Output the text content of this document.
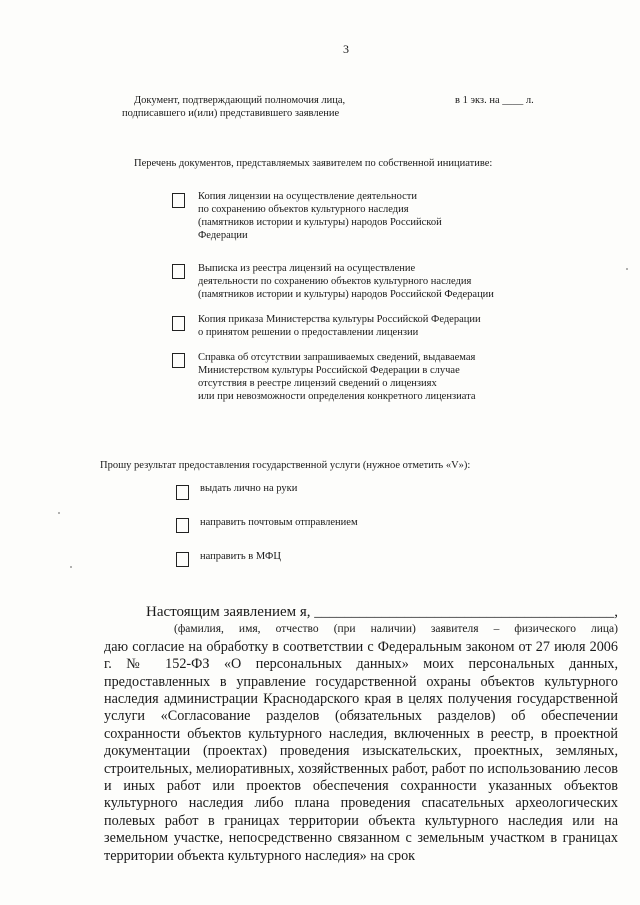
3
Документ, подтверждающий полномочия лица,
подписавшего и(или) представившего заявление
в 1 экз. на ____ л.
Перечень документов, представляемых заявителем по собственной инициативе:
Копия лицензии на осуществление деятельности
по сохранению объектов культурного наследия
(памятников истории и культуры) народов Российской
Федерации
Выписка из реестра лицензий на осуществление
деятельности по сохранению объектов культурного наследия
(памятников истории и культуры) народов Российской Федерации
Копия приказа Министерства культуры Российской Федерации
о принятом решении о предоставлении лицензии
Справка об отсутствии запрашиваемых сведений, выдаваемая
Министерством культуры Российской Федерации в случае
отсутствия в реестре лицензий сведений о лицензиях
или при невозможности определения конкретного лицензиата
Прошу результат предоставления государственной услуги (нужное отметить «V»):
выдать лично на руки
направить почтовым отправлением
направить в МФЦ

Настоящим заявлением я, ________________________________________,

(фамилия, имя, отчество (при наличии) заявителя – физического лица)

даю согласие на обработку в соответствии с Федеральным законом от 27 июля 2006 г. № 152-ФЗ «О персональных данных» моих персональных данных, предоставленных в управление государственной охраны объектов культурного наследия администрации Краснодарского края в целях получения государственной услуги «Согласование разделов (обязательных разделов) об обеспечении сохранности объектов культурного наследия, включенных в реестр, в проектной документации (проектах) проведения изыскательских, проектных, земляных, строительных, мелиоративных, хозяйственных работ, работ по использованию лесов и иных работ или проектов обеспечения сохранности указанных объектов культурного наследия либо плана проведения спасательных археологических полевых работ в границах территории объекта культурного наследия или на земельном участке, непосредственно связанном с земельным участком в границах территории объекта культурного наследия» на срок
